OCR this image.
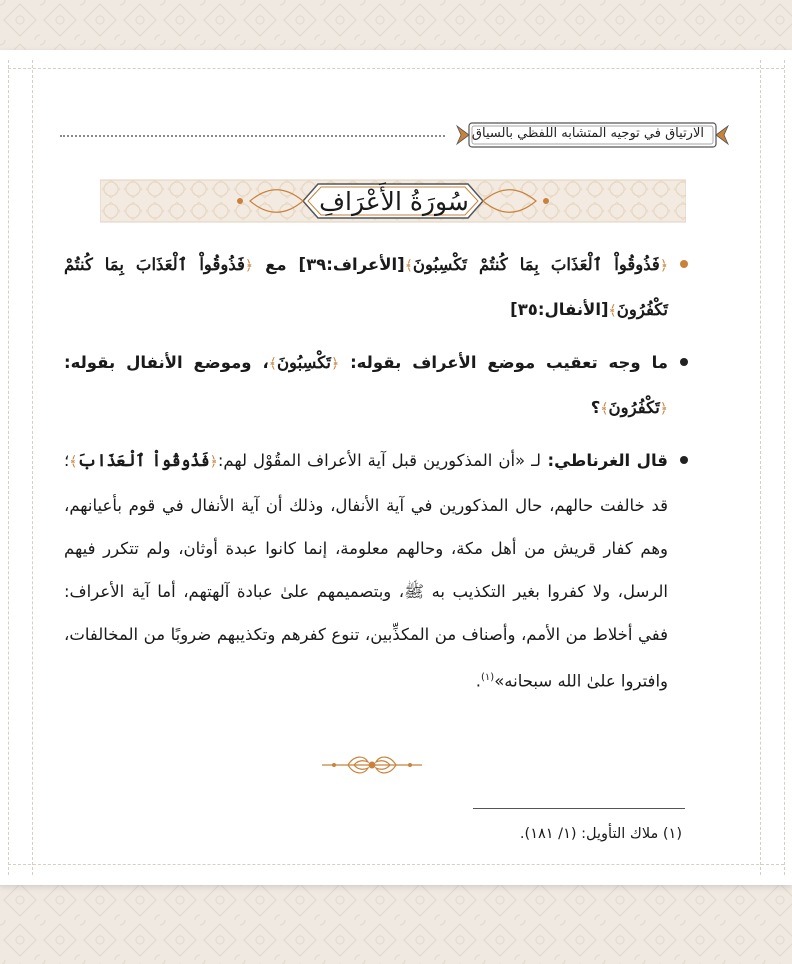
الارتياق في توجيه المتشابه اللفظي بالسياق
سُورَةُ الأَعْرَافِ

﴿فَذُوقُواْ ٱلْعَذَابَ بِمَا كُنتُمْ تَكْسِبُونَ﴾[الأعراف:٣٩] مع ﴿فَذُوقُواْ ٱلْعَذَابَ بِمَا كُنتُمْ تَكْفُرُونَ﴾[الأنفال:٣٥]

ما وجه تعقيب موضع الأعراف بقوله: ﴿تَكْسِبُونَ﴾، وموضع الأنفال بقوله: ﴿تَكْفُرُونَ﴾؟

قال الغرناطي: لـ «أن المذكورين قبل آية الأعراف المقُوْل لهم:﴿فَذُوقُواْ ٱلْعَذَابَ﴾؛ قد خالفت حالهم، حال المذكورين في آية الأنفال، وذلك أن آية الأنفال في قوم بأعيانهم، وهم كفار قريش من أهل مكة، وحالهم معلومة، إنما كانوا عبدة أوثان، ولم تتكرر فيهم الرسل، ولا كفروا بغير التكذيب به ﷺ، وبتصميمهم علىٰ عبادة آلهتهم، أما آية الأعراف: ففي أخلاط من الأمم، وأصناف من المكذِّبين، تنوع كفرهم وتكذيبهم ضروبًا من المخالفات، وافتروا علىٰ الله سبحانه»$^{(١)}$.

(١) ملاك التأويل: (١/ ١٨١).
